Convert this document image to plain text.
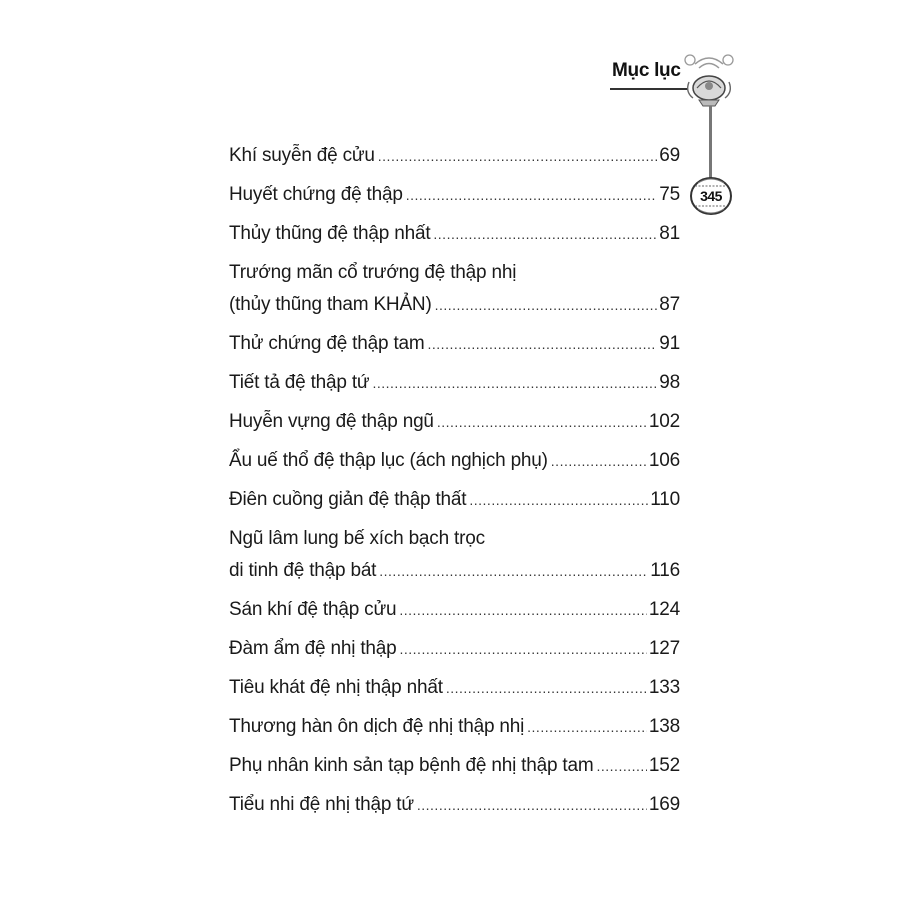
Mục lục
345
Khí suyễn đệ cửu .....	69
Huyết chứng đệ thập .....	75
Thủy thũng đệ thập nhất .....	81
Trướng mãn cổ trướng đệ thập nhị
(thủy thũng tham KHẢN) .....	87
Thử chứng đệ thập tam .....	91
Tiết tả đệ thập tứ .....	98
Huyễn vựng đệ thập ngũ .....	102
Ẩu uế thổ đệ thập lục (ách nghịch phụ) .....	106
Điên cuồng giản đệ thập thất .....	110
Ngũ lâm lung bế xích bạch trọc
di tinh đệ thập bát .....	116
Sán khí đệ thập cửu .....	124
Đàm ẩm đệ nhị thập .....	127
Tiêu khát đệ nhị thập nhất .....	133
Thương hàn ôn dịch đệ nhị thập nhị .....	138
Phụ nhân kinh sản tạp bệnh đệ nhị thập tam .....	152
Tiểu nhi đệ nhị thập tứ .....	169
